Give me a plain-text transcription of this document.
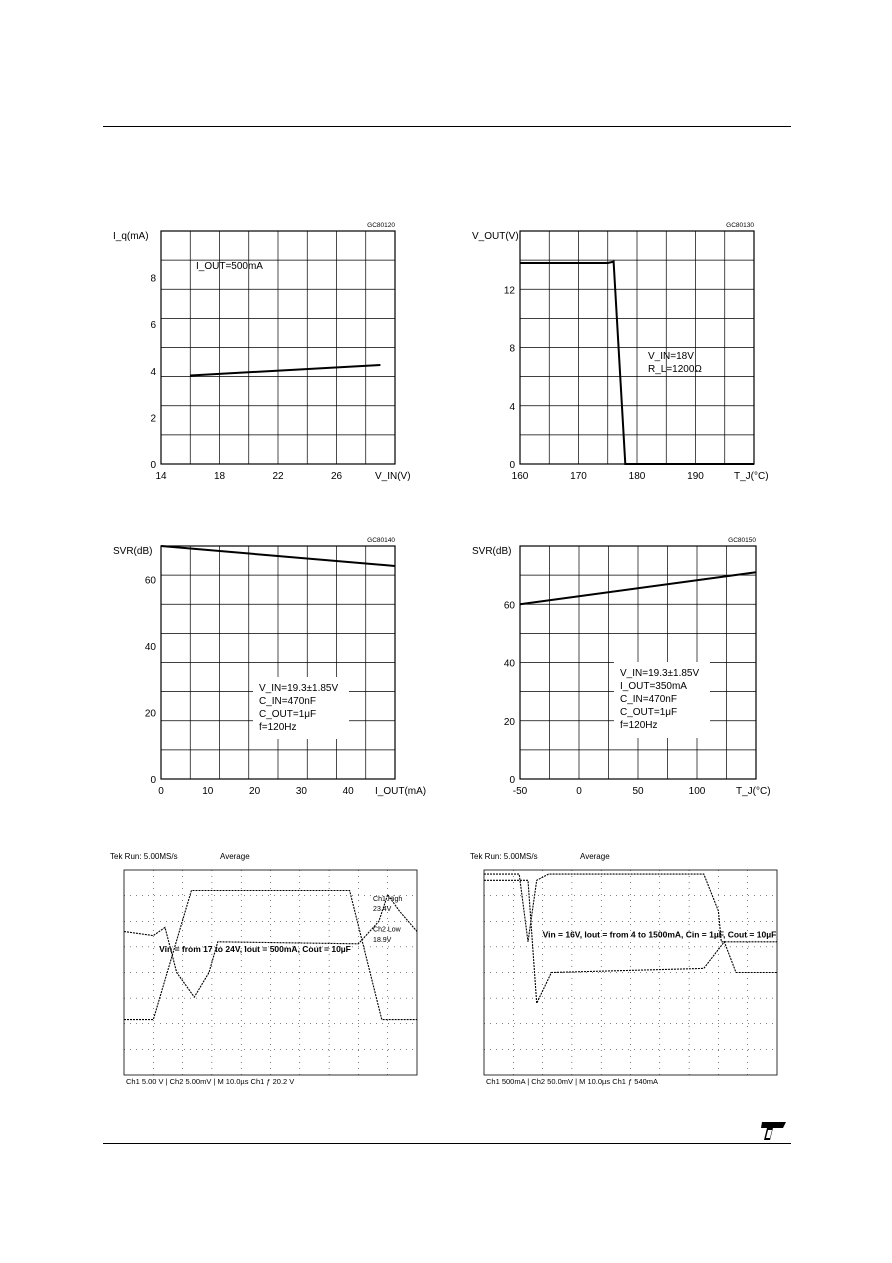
14	18	22	26
0
2
4
6
8
I_q(mA)
V_IN(V)
GC80120
I_OUT=500mA
160	170	180	190
0
4
8
12
V_OUT(V)
T_J(°C)
GC80130
V_IN=18V
R_L=1200Ω
0	10	20	30	40
0
20
40
60
SVR(dB)
I_OUT(mA)
GC80140
V_IN=19.3±1.85V
C_IN=470nF
C_OUT=1μF
f=120Hz
-50	0	50	100
0
20
40
60
SVR(dB)
T_J(°C)
GC80150
V_IN=19.3±1.85V
I_OUT=350mA
C_IN=470nF
C_OUT=1μF
f=120Hz
Tek Run: 5.00MS/s	Average
Ch1 High
23.4V
Ch2 Low
18.9V
Vin = from 17 to 24V, Iout = 500mA, Cout = 10µF
Ch1 5.00 V | Ch2 5.00mV | M 10.0µs Ch1 ƒ 20.2 V
Tek Run: 5.00MS/s	Average
Vin = 16V, Iout = from 4 to 1500mA, Cin = 1µF, Cout = 10µF
Ch1 500mA | Ch2 50.0mV | M 10.0µs Ch1 ƒ 540mA
